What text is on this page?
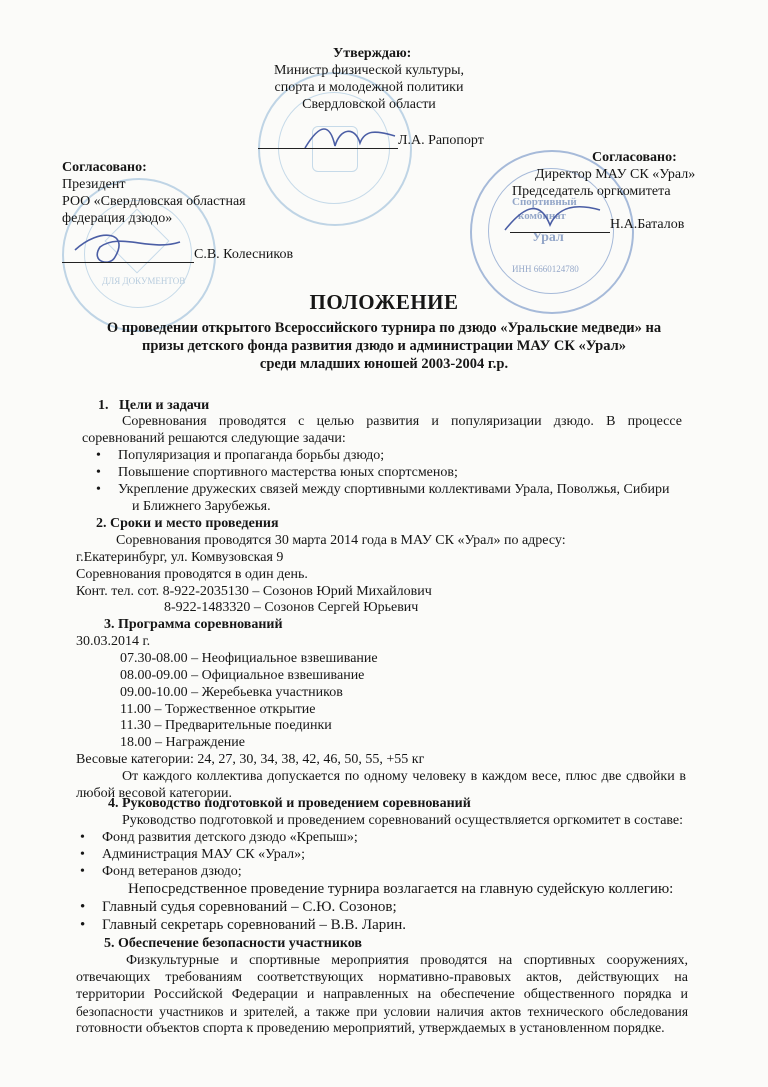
ДЛЯ ДОКУМЕНТОВ
Спортивный
комбинат
Урал
ИНН 6660124780
Утверждаю:
Министр физической культуры,
спорта и молодежной политики
Свердловской области
Л.А. Рапопорт
Согласовано:
Президент
РОО «Свердловская областная
федерация дзюдо»
С.В. Колесников
Согласовано:
Директор МАУ СК «Урал»
Председатель оргкомитета
Н.А.Баталов
ПОЛОЖЕНИЕ
О проведении открытого Всероссийского турнира по дзюдо «Уральские медведи» на
призы детского фонда развития дзюдо и администрации МАУ СК «Урал»
среди младших юношей 2003-2004 г.р.
1. Цели и задачи
Соревнования проводятся с целью развития и популяризации дзюдо. В процессе
соревнований решаются следующие задачи:
• Популяризация и пропаганда борьбы дзюдо;
• Повышение спортивного мастерства юных спортсменов;
• Укрепление дружеских связей между спортивными коллективами Урала, Поволжья, Сибири
и Ближнего Зарубежья.
2. Сроки и место проведения
Соревнования проводятся 30 марта 2014 года в МАУ СК «Урал» по адресу:
г.Екатеринбург, ул. Комвузовская 9
Соревнования проводятся в один день.
Конт. тел. сот. 8-922-2035130 – Созонов Юрий Михайлович
8-922-1483320 – Созонов Сергей Юрьевич
3. Программа соревнований
30.03.2014 г.
07.30-08.00 – Неофициальное взвешивание
08.00-09.00 – Официальное взвешивание
09.00-10.00 – Жеребьевка участников
11.00 – Торжественное открытие
11.30 – Предварительные поединки
18.00 – Награждение
Весовые категории: 24, 27, 30, 34, 38, 42, 46, 50, 55, +55 кг
От каждого коллектива допускается по одному человеку в каждом весе, плюс две сдвойки в
любой весовой категории.
4. Руководство подготовкой и проведением соревнований
Руководство подготовкой и проведением соревнований осуществляется оргкомитет в составе:
• Фонд развития детского дзюдо «Крепыш»;
• Администрация МАУ СК «Урал»;
• Фонд ветеранов дзюдо;
Непосредственное проведение турнира возлагается на главную судейскую коллегию:
• Главный судья соревнований – С.Ю. Созонов;
• Главный секретарь соревнований – В.В. Ларин.
5. Обеспечение безопасности участников
Физкультурные и спортивные мероприятия проводятся на спортивных сооружениях,
отвечающих требованиям соответствующих нормативно-правовых актов, действующих на
территории Российской Федерации и направленных на обеспечение общественного порядка и
безопасности участников и зрителей, а также при условии наличия актов технического обследования
готовности объектов спорта к проведению мероприятий, утверждаемых в установленном порядке.
